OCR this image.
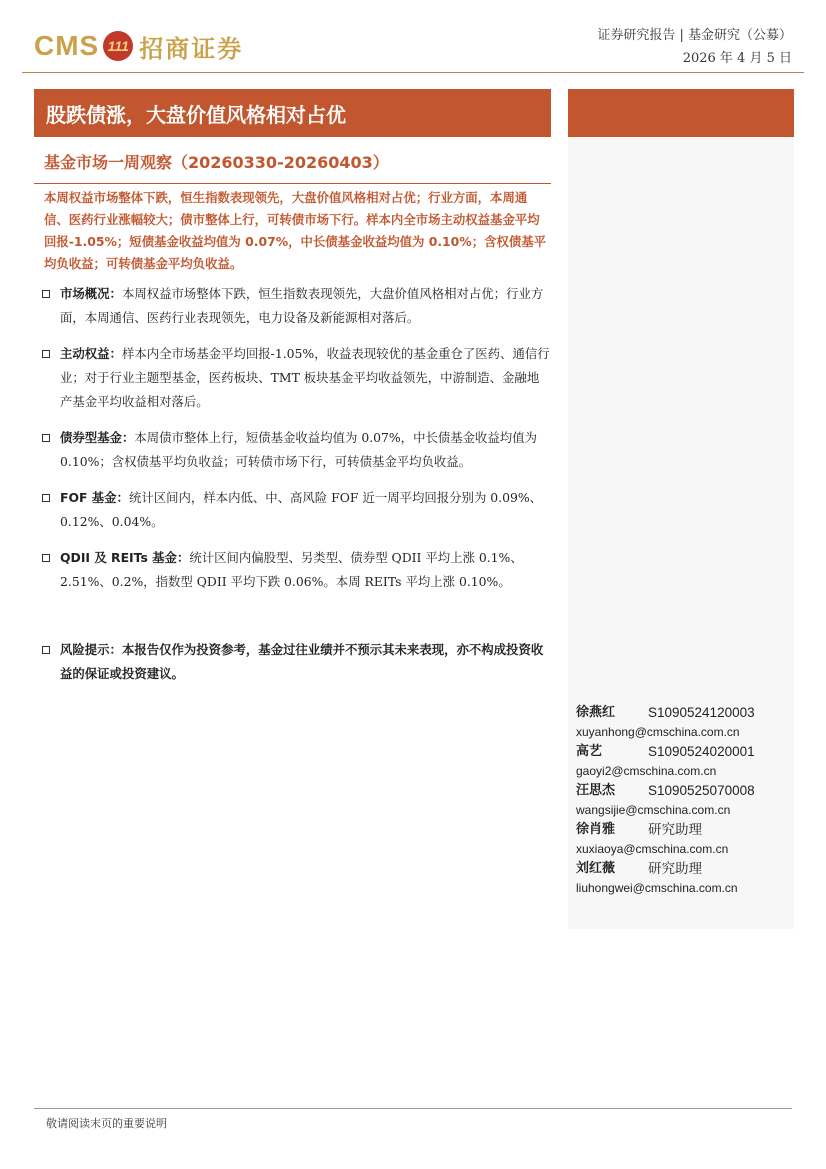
CMS 111 招商证券	证券研究报告 | 基金研究（公募）
2026 年 4 月 5 日
股跌债涨，大盘价值风格相对占优
基金市场一周观察（20260330-20260403）
本周权益市场整体下跌，恒生指数表现领先，大盘价值风格相对占优；行业方面，本周通信、医药行业涨幅较大；债市整体上行，可转债市场下行。样本内全市场主动权益基金平均回报-1.05%；短债基金收益均值为 0.07%，中长债基金收益均值为 0.10%；含权债基平均负收益；可转债基金平均负收益。
市场概况：本周权益市场整体下跌，恒生指数表现领先，大盘价值风格相对占优；行业方面，本周通信、医药行业表现领先，电力设备及新能源相对落后。
主动权益：样本内全市场基金平均回报-1.05%，收益表现较优的基金重仓了医药、通信行业；对于行业主题型基金，医药板块、TMT 板块基金平均收益领先，中游制造、金融地产基金平均收益相对落后。
债券型基金：本周债市整体上行，短债基金收益均值为 0.07%，中长债基金收益均值为 0.10%；含权债基平均负收益；可转债市场下行，可转债基金平均负收益。
FOF 基金：统计区间内，样本内低、中、高风险 FOF 近一周平均回报分别为 0.09%、0.12%、0.04%。
QDII 及 REITs 基金：统计区间内偏股型、另类型、债券型 QDII 平均上涨 0.1%、2.51%、0.2%，指数型 QDII 平均下跌 0.06%。本周 REITs 平均上涨 0.10%。
风险提示：本报告仅作为投资参考，基金过往业绩并不预示其未来表现，亦不构成投资收益的保证或投资建议。
徐燕红	S1090524120003
xuyanhong@cmschina.com.cn
高艺	S1090524020001
gaoyi2@cmschina.com.cn
汪思杰	S1090525070008
wangsijie@cmschina.com.cn
徐肖雅	研究助理
xuxiaoya@cmschina.com.cn
刘红薇	研究助理
liuhongwei@cmschina.com.cn
敬请阅读末页的重要说明
